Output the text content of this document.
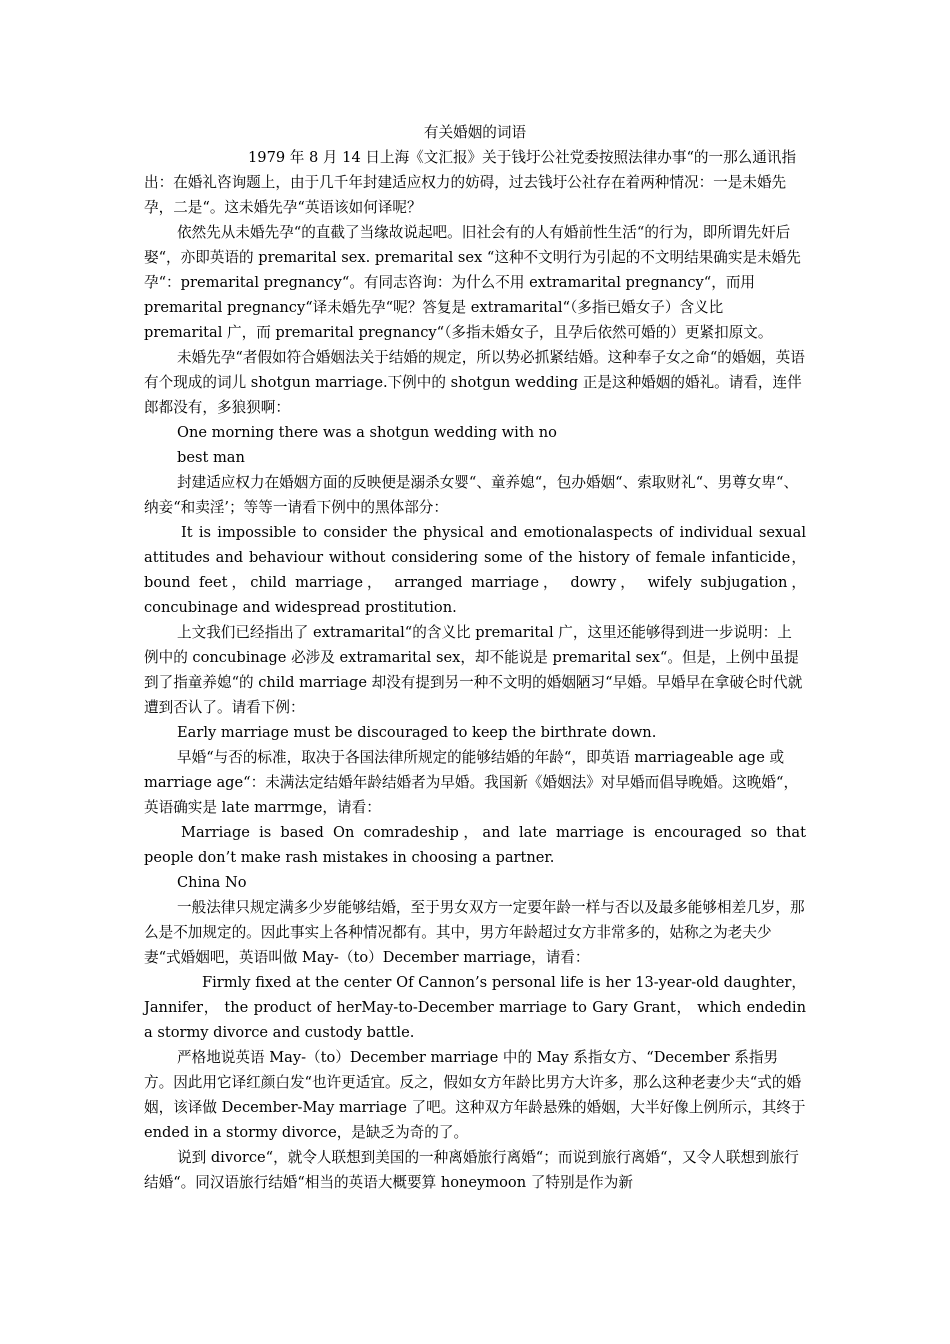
有关婚姻的词语

1979 年 8 月 14 日上海《文汇报》关于钱圩公社党委按照法律办事“的一那么通讯指出：在婚礼咨询题上，由于几千年封建适应权力的妨碍，过去钱圩公社存在着两种情况：一是未婚先孕，二是“。这未婚先孕“英语该如何译呢？

依然先从未婚先孕“的直截了当缘故说起吧。旧社会有的人有婚前性生活“的行为，即所谓先奸后娶“，亦即英语的 premarital sex. premarital sex “这种不文明行为引起的不文明结果确实是未婚先孕“：premarital pregnancy“。有同志咨询：为什么不用 extramarital pregnancy“，而用 premarital pregnancy“译未婚先孕“呢？答复是 extramarital“（多指已婚女子）含义比 premarital 广，而 premarital pregnancy“（多指未婚女子，且孕后依然可婚的）更紧扣原文。

未婚先孕“者假如符合婚姻法关于结婚的规定，所以势必抓紧结婚。这种奉子女之命“的婚姻，英语有个现成的词儿 shotgun marriage.下例中的 shotgun wedding 正是这种婚姻的婚礼。请看，连伴郎都没有，多狼狈啊：

One morning there was a shotgun wedding with no

best man

封建适应权力在婚姻方面的反映便是溺杀女婴“、童养媳“，包办婚姻“、索取财礼“、男尊女卑“、纳妾“和卖淫’；等等一请看下例中的黑体部分：

It is impossible to consider the physical and emotionalaspects of individual sexual attitudes and behaviour without considering some of the history of female infanticide，bound feet，child marriage， arranged marriage， dowry， wifely subjugation， concubinage and widespread prostitution.

上文我们已经指出了 extramarital“的含义比 premarital 广，这里还能够得到进一步说明：上例中的 concubinage 必涉及 extramarital sex，却不能说是 premarital sex“。但是，上例中虽提到了指童养媳“的 child marriage 却没有提到另一种不文明的婚姻陋习“早婚。早婚早在拿破仑时代就遭到否认了。请看下例：

Early marriage must be discouraged to keep the birthrate down.

早婚“与否的标准，取决于各国法律所规定的能够结婚的年龄“，即英语 marriageable age 或 marriage age“：未满法定结婚年龄结婚者为早婚。我国新《婚姻法》对早婚而倡导晚婚。这晚婚“，英语确实是 late marrmge，请看：

Marriage is based On comradeship，and late marriage is encouraged so that people don’t make rash mistakes in choosing a partner.

China No

一般法律只规定满多少岁能够结婚，至于男女双方一定要年龄一样与否以及最多能够相差几岁，那么是不加规定的。因此事实上各种情况都有。其中，男方年龄超过女方非常多的，姑称之为老夫少妻“式婚姻吧，英语叫做 May-（to）December marriage，请看：

Firmly fixed at the center Of Cannon’s personal life is her 13-year-old daughter， Jannifer， the product of herMay-to-December marriage to Gary Grant， which endedin a stormy divorce and custody battle.

严格地说英语 May-（to）December marriage 中的 May 系指女方、“December 系指男方。因此用它译红颜白发“也许更适宜。反之，假如女方年龄比男方大许多，那么这种老妻少夫“式的婚姻，该译做 December-May marriage 了吧。这种双方年龄悬殊的婚姻，大半好像上例所示，其终于 ended in a stormy divorce，是缺乏为奇的了。

说到 divorce“，就令人联想到美国的一种离婚旅行离婚“；而说到旅行离婚“，又令人联想到旅行结婚“。同汉语旅行结婚“相当的英语大概要算 honeymoon 了特别是作为新
